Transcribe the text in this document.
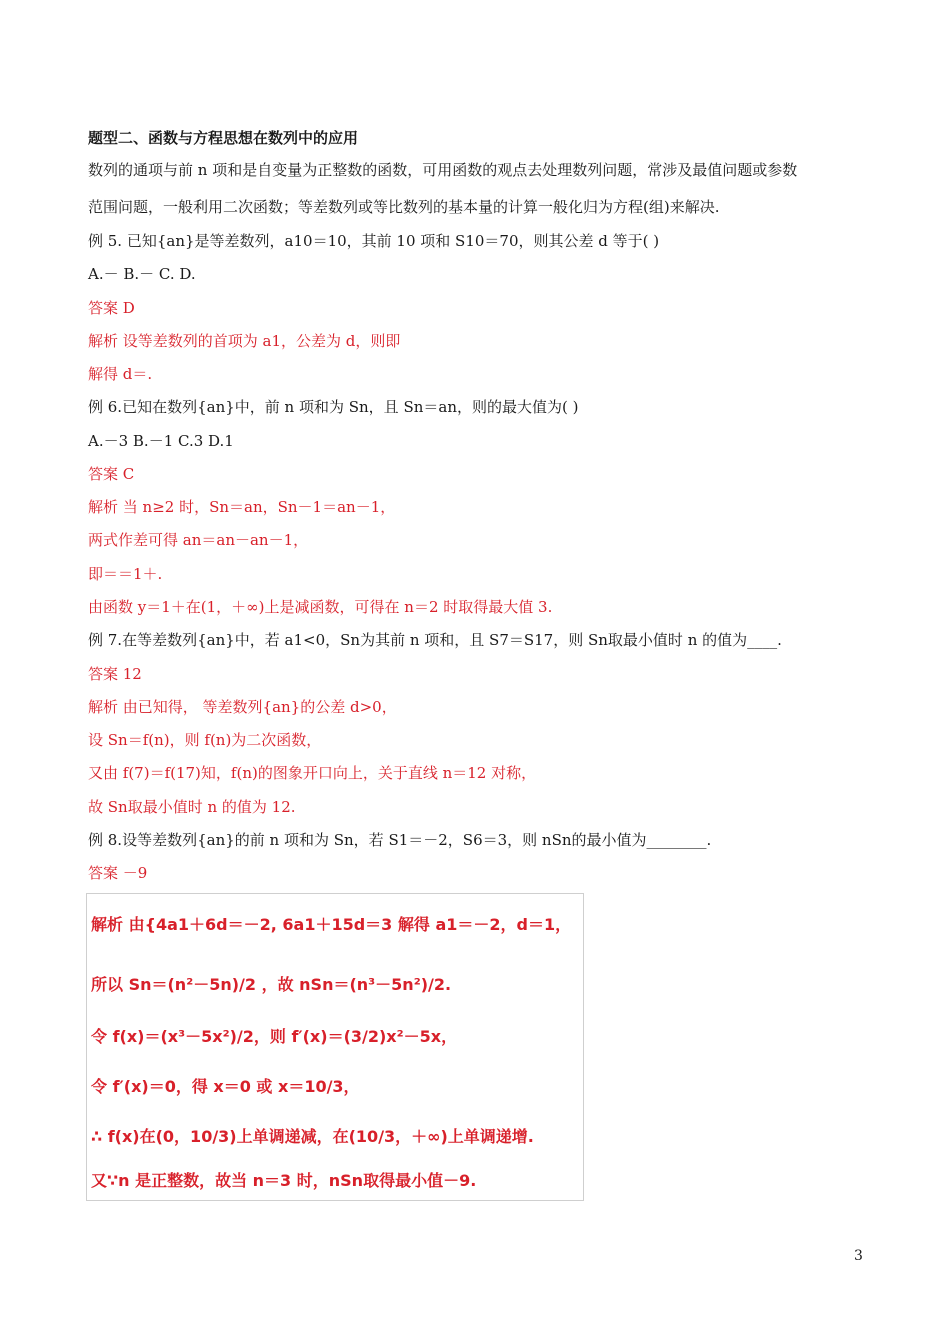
题型二、函数与方程思想在数列中的应用
数列的通项与前 n 项和是自变量为正整数的函数，可用函数的观点去处理数列问题，常涉及最值问题或参数
范围问题，一般利用二次函数；等差数列或等比数列的基本量的计算一般化归为方程(组)来解决.
例 5. 已知{an}是等差数列，a10＝10，其前 10 项和 S10＝70，则其公差 d 等于( )
A.－ B.－ C. D.
答案 D
解析 设等差数列的首项为 a1，公差为 d，则即
解得 d＝.
例 6.已知在数列{an}中，前 n 项和为 Sn，且 Sn＝an，则的最大值为( )
A.－3 B.－1 C.3 D.1
答案 C
解析 当 n≥2 时，Sn＝an，Sn－1＝an－1，
两式作差可得 an＝an－an－1，
即＝＝1＋.
由函数 y＝1＋在(1，＋∞)上是减函数，可得在 n＝2 时取得最大值 3.
例 7.在等差数列{an}中，若 a1<0，Sn为其前 n 项和，且 S7＝S17，则 Sn取最小值时 n 的值为____.
答案 12
解析 由已知得， 等差数列{an}的公差 d>0，
设 Sn＝f(n)，则 f(n)为二次函数，
又由 f(7)＝f(17)知，f(n)的图象开口向上，关于直线 n＝12 对称，
故 Sn取最小值时 n 的值为 12.
例 8.设等差数列{an}的前 n 项和为 Sn，若 S1＝－2，S6＝3，则 nSn的最小值为________.
答案 －9
解析 由{4a1＋6d＝－2, 6a1＋15d＝3 解得 a1＝－2，d＝1，
所以 Sn＝(n²－5n)/2 ，故 nSn＝(n³－5n²)/2.
令 f(x)＝(x³－5x²)/2，则 f′(x)＝(3/2)x²－5x，
令 f′(x)＝0，得 x＝0 或 x＝10/3，
∴ f(x)在(0，10/3)上单调递减，在(10/3，＋∞)上单调递增.
又∵n 是正整数，故当 n＝3 时，nSn取得最小值－9.
3
